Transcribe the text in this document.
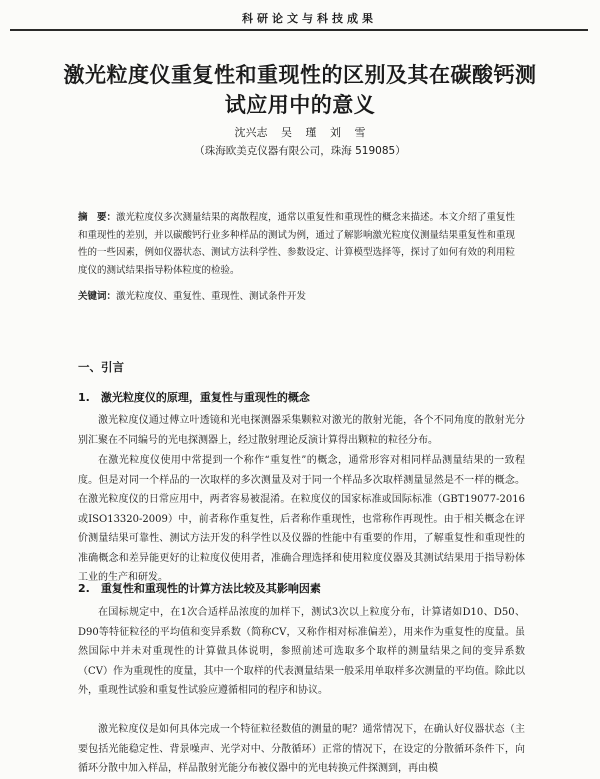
科研论文与科技成果
激光粒度仪重复性和重现性的区别及其在碳酸钙测试应用中的意义
沈兴志 吴 瑾 刘 雪
（珠海欧美克仪器有限公司，珠海 519085）
摘　要：激光粒度仪多次测量结果的离散程度，通常以重复性和重现性的概念来描述。本文介绍了重复性和重现性的差别，并以碳酸钙行业多种样品的测试为例，通过了解影响激光粒度仪测量结果重复性和重现性的一些因素，例如仪器状态、测试方法科学性、参数设定、计算模型选择等，探讨了如何有效的利用粒度仪的测试结果指导粉体粒度的检验。
关键词：激光粒度仪、重复性、重现性、测试条件开发
一、引言
1.　激光粒度仪的原理，重复性与重现性的概念

激光粒度仪通过傅立叶透镜和光电探测器采集颗粒对激光的散射光能，各个不同角度的散射光分别汇聚在不同编号的光电探测器上，经过散射理论反演计算得出颗粒的粒径分布。

在激光粒度仪使用中常提到一个称作“重复性”的概念，通常形容对相同样品测量结果的一致程度。但是对同一个样品的一次取样的多次测量及对于同一个样品多次取样测量显然是不一样的概念。在激光粒度仪的日常应用中，两者容易被混淆。在粒度仪的国家标准或国际标准（GBT19077-2016或ISO13320-2009）中，前者称作重复性，后者称作重现性，也常称作再现性。由于相关概念在评价测量结果可靠性、测试方法开发的科学性以及仪器的性能中有重要的作用，了解重复性和重现性的准确概念和差异能更好的让粒度仪使用者，准确合理选择和使用粒度仪器及其测试结果用于指导粉体工业的生产和研发。

2.　重复性和重现性的计算方法比较及其影响因素

在国标规定中，在1次合适样品浓度的加样下，测试3次以上粒度分布，计算诸如D10、D50、D90等特征粒径的平均值和变异系数（简称CV，又称作相对标准偏差），用来作为重复性的度量。虽然国际中并未对重现性的计算做具体说明，参照前述可选取多个取样的测量结果之间的变异系数（CV）作为重现性的度量，其中一个取样的代表测量结果一般采用单取样多次测量的平均值。除此以外，重现性试验和重复性试验应遵循相同的程序和协议。

激光粒度仪是如何具体完成一个特征粒径数值的测量的呢？通常情况下，在确认好仪器状态（主要包括光能稳定性、背景噪声、光学对中、分散循环）正常的情况下，在设定的分散循环条件下，向循环分散中加入样品，样品散射光能分布被仪器中的光电转换元件探测到，再由模
